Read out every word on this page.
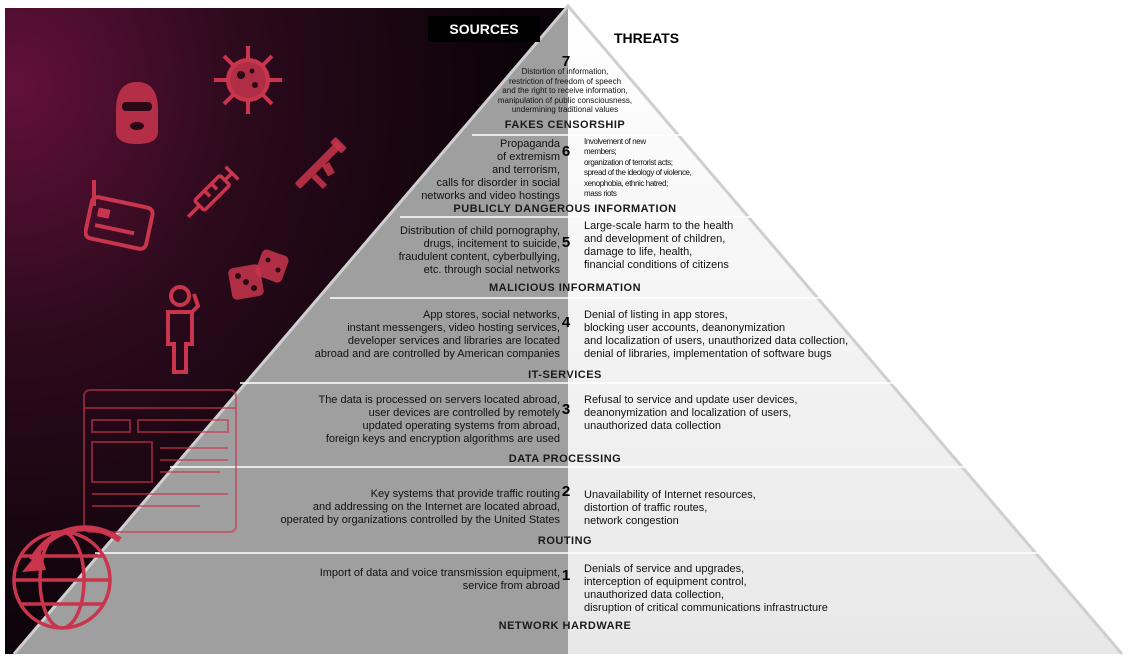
SOURCES
THREATS
7
Distortion of information,
restriction of freedom of speech
and the right to receive information,
manipulation of public consciousness,
undermining traditional values
FAKES CENSORSHIP
6
Propaganda
of extremism
and terrorism,
calls for disorder in social
networks and video hostings
Involvement of new
members;
organization of terrorist acts;
spread of the ideology of violence,
xenophobia, ethnic hatred;
mass riots
PUBLICLY DANGEROUS INFORMATION
5
Distribution of child pornography,
drugs, incitement to suicide,
fraudulent content, cyberbullying,
etc. through social networks
Large-scale harm to the health
and development of children,
damage to life, health,
financial conditions of citizens
MALICIOUS INFORMATION
4
App stores, social networks,
instant messengers, video hosting services,
developer services and libraries are located
abroad and are controlled by American companies
Denial of listing in app stores,
blocking user accounts, deanonymization
and localization of users, unauthorized data collection,
denial of libraries, implementation of software bugs
IT-SERVICES
3
The data is processed on servers located abroad,
user devices are controlled by remotely
updated operating systems from abroad,
foreign keys and encryption algorithms are used
Refusal to service and update user devices,
deanonymization and localization of users,
unauthorized data collection
DATA PROCESSING
2
Key systems that provide traffic routing
and addressing on the Internet are located abroad,
operated by organizations controlled by the United States
Unavailability of Internet resources,
distortion of traffic routes,
network congestion
ROUTING
1
Import of data and voice transmission equipment,
service from abroad
Denials of service and upgrades,
interception of equipment control,
unauthorized data collection,
disruption of critical communications infrastructure
NETWORK HARDWARE
